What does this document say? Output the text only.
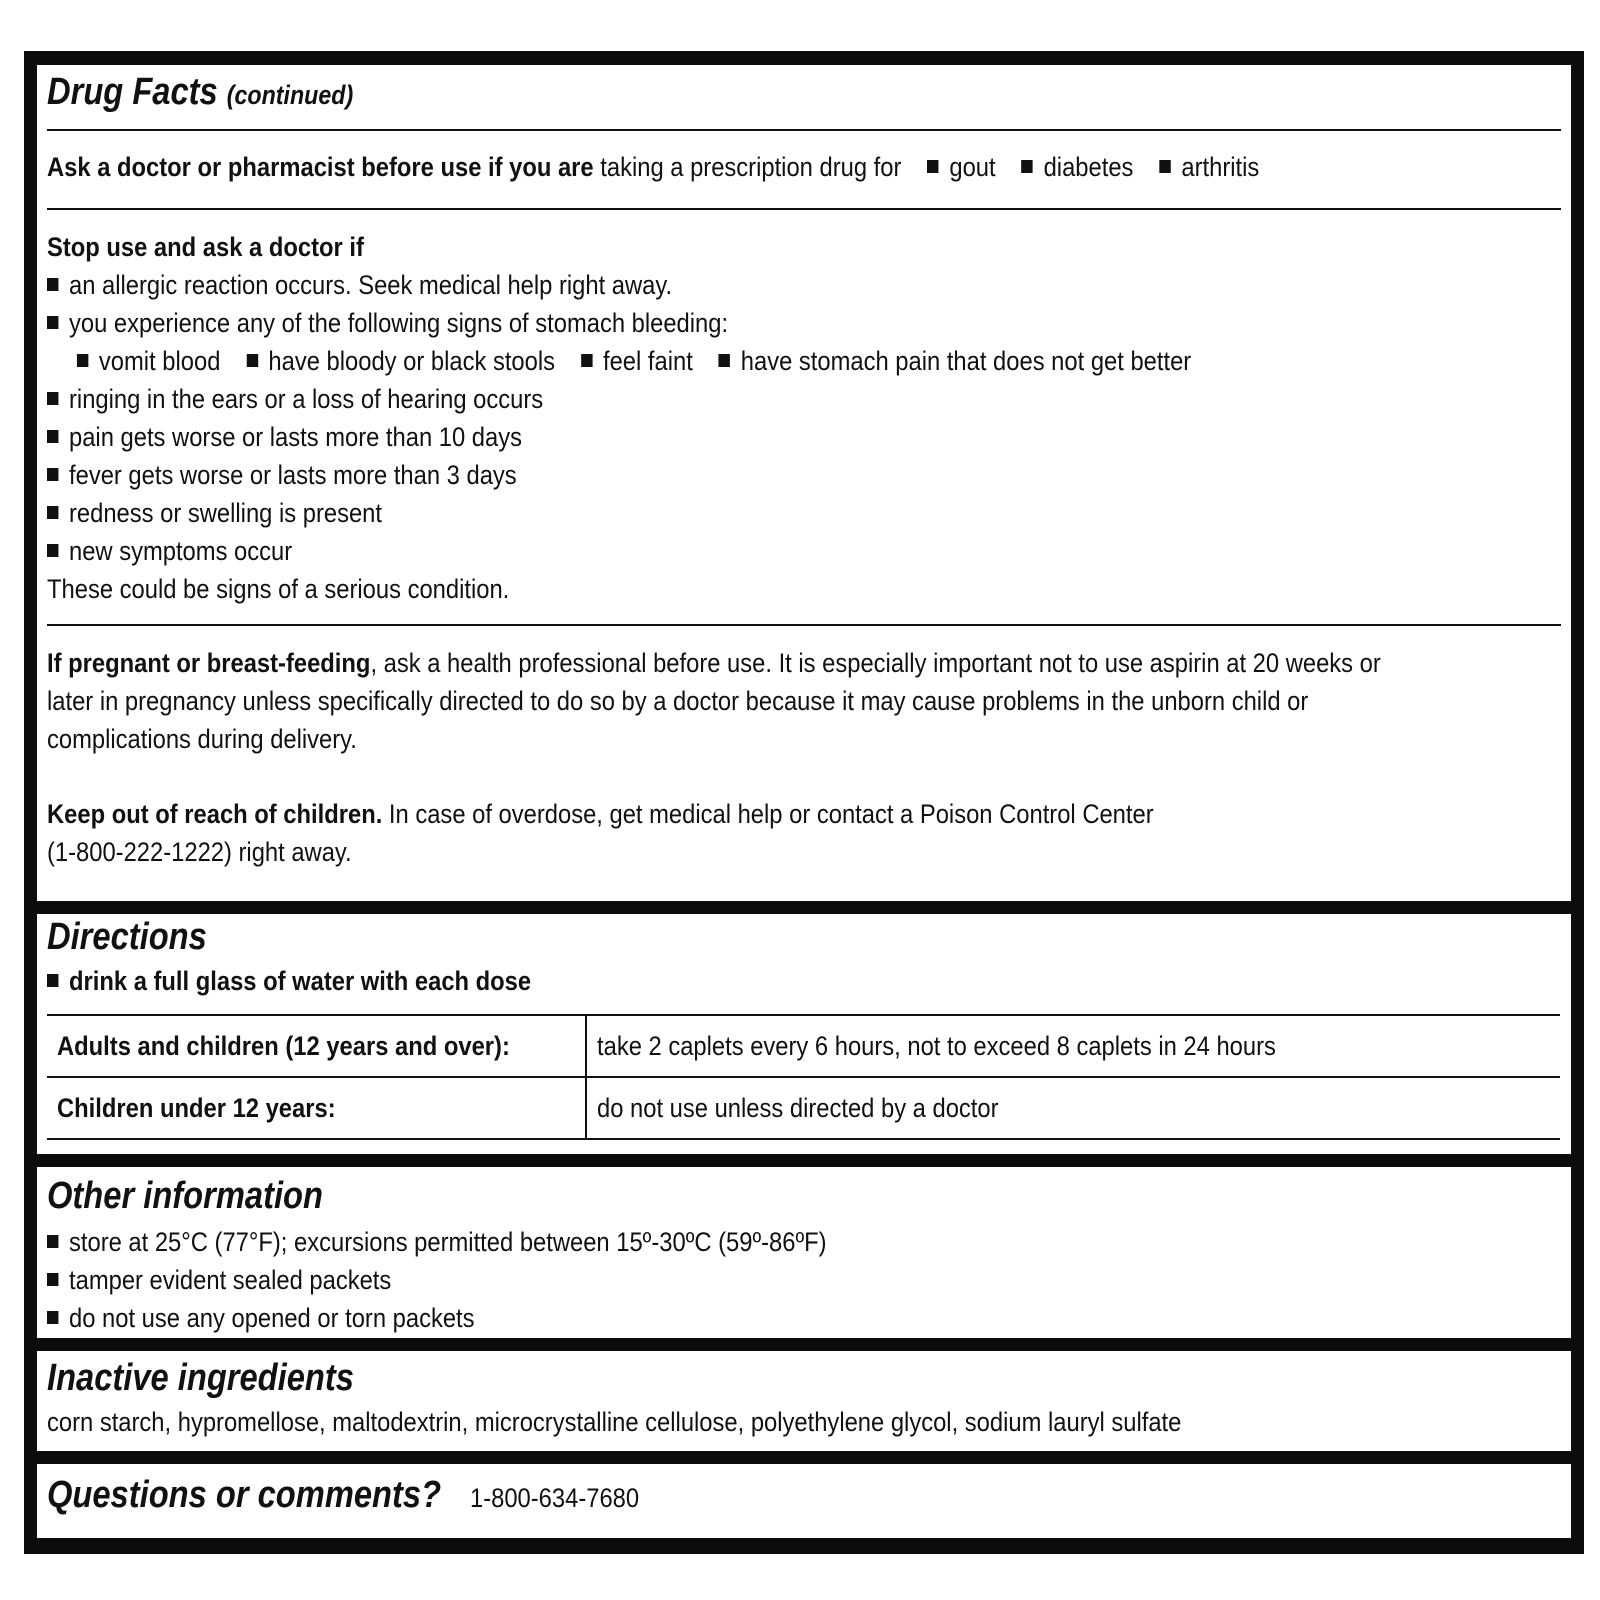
Drug Facts (continued)
Ask a doctor or pharmacist before use if you are taking a prescription drug for gout diabetes arthritis
Stop use and ask a doctor if
an allergic reaction occurs. Seek medical help right away.
you experience any of the following signs of stomach bleeding:
vomit blood have bloody or black stools feel faint have stomach pain that does not get better
ringing in the ears or a loss of hearing occurs
pain gets worse or lasts more than 10 days
fever gets worse or lasts more than 3 days
redness or swelling is present
new symptoms occur
These could be signs of a serious condition.
If pregnant or breast-feeding, ask a health professional before use. It is especially important not to use aspirin at 20 weeks or
later in pregnancy unless specifically directed to do so by a doctor because it may cause problems in the unborn child or
complications during delivery.
Keep out of reach of children. In case of overdose, get medical help or contact a Poison Control Center
(1-800-222-1222) right away.
Directions
drink a full glass of water with each dose
Adults and children (12 years and over):	take 2 caplets every 6 hours, not to exceed 8 caplets in 24 hours
Children under 12 years:	do not use unless directed by a doctor
Other information
store at 25°C (77°F); excursions permitted between 15º-30ºC (59º-86ºF)
tamper evident sealed packets
do not use any opened or torn packets
Inactive ingredients
corn starch, hypromellose, maltodextrin, microcrystalline cellulose, polyethylene glycol, sodium lauryl sulfate
Questions or comments? 1-800-634-7680
